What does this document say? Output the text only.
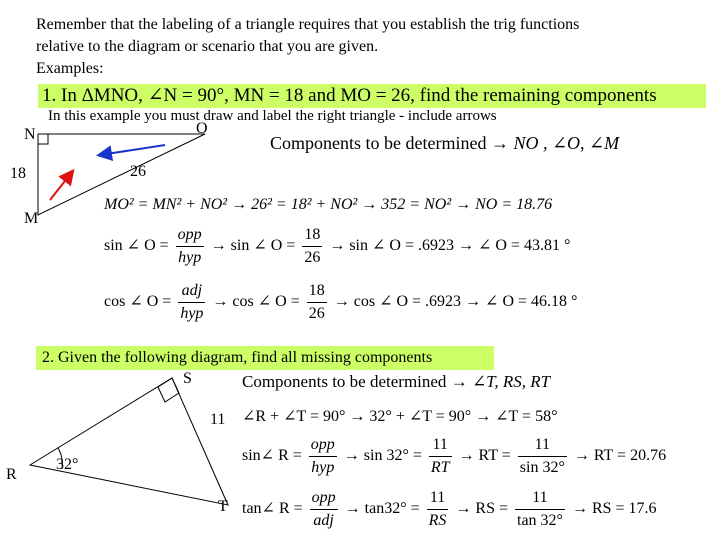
Remember that the labeling of a triangle requires that you establish the trig functions
relative to the diagram or scenario that you are given.
Examples:
1. In ΔMNO, ∠N = 90°, MN = 18 and MO = 26, find the remaining components
In this example you must draw and label the right triangle - include arrows
N	O
M
18	26
Components to be determined → NO , ∠O, ∠M
MO² = MN² + NO² → 26² = 18² + NO² → 352 = NO² → NO = 18.76
sin ∠ $O = \frac{\text{opp}}{\text{hyp}} \to \sin$ ∠ $O = \frac{18}{26} \to \sin$ ∠ O = .6923 → ∠ O = 43.81 °
cos ∠ $O = \frac{\text{adj}}{\text{hyp}} \to \cos$ ∠ $O = \frac{18}{26} \to \cos$ ∠ O = .6923 → ∠ O = 46.18 °
2. Given the following diagram, find all missing components
S
R
T
11
32°
Components to be determined → ∠T, RS, RT
∠R + ∠T = 90° → 32° + ∠T = 90° → ∠T = 58°
sin∠ $R = \frac{\text{opp}}{\text{hyp}} \to \sin 32^\circ = \frac{11}{RT}$ → RT = $\frac{11}{\sin 32^\circ}$ → RT = 20.76
tan∠ $R = \frac{\text{opp}}{\text{adj}} \to \tan 32^\circ = \frac{11}{RS}$ → RS = $\frac{11}{\tan 32^\circ}$ → RS = 17.6
